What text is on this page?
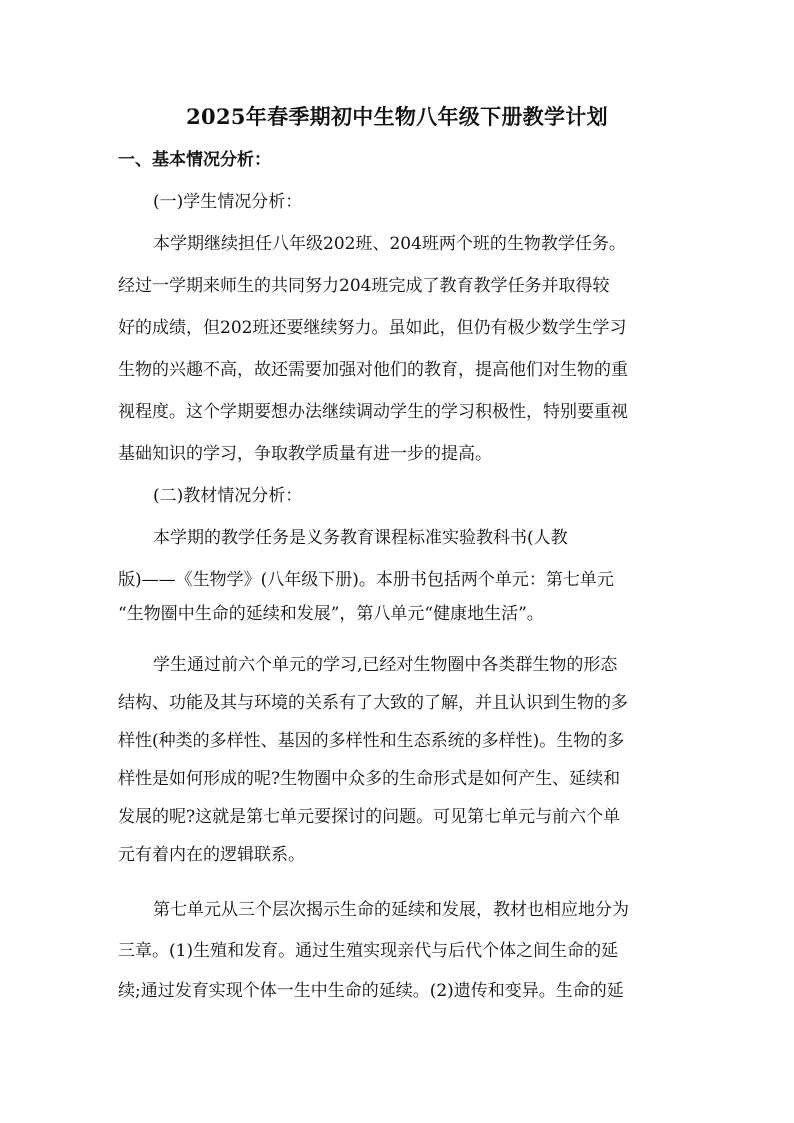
2025年春季期初中生物八年级下册教学计划
一、基本情况分析：
(一)学生情况分析：
本学期继续担任八年级202班、204班两个班的生物教学任务。
经过一学期来师生的共同努力204班完成了教育教学任务并取得较
好的成绩，但202班还要继续努力。虽如此，但仍有极少数学生学习
生物的兴趣不高，故还需要加强对他们的教育，提高他们对生物的重
视程度。这个学期要想办法继续调动学生的学习积极性，特别要重视
基础知识的学习，争取教学质量有进一步的提高。
(二)教材情况分析：
本学期的教学任务是义务教育课程标准实验教科书(人教
版)——《生物学》(八年级下册)。本册书包括两个单元：第七单元
“生物圈中生命的延续和发展”，第八单元“健康地生活”。
学生通过前六个单元的学习,已经对生物圈中各类群生物的形态
结构、功能及其与环境的关系有了大致的了解，并且认识到生物的多
样性(种类的多样性、基因的多样性和生态系统的多样性)。生物的多
样性是如何形成的呢?生物圈中众多的生命形式是如何产生、延续和
发展的呢?这就是第七单元要探讨的问题。可见第七单元与前六个单
元有着内在的逻辑联系。
第七单元从三个层次揭示生命的延续和发展，教材也相应地分为
三章。(1)生殖和发育。通过生殖实现亲代与后代个体之间生命的延
续;通过发育实现个体一生中生命的延续。(2)遗传和变异。生命的延
